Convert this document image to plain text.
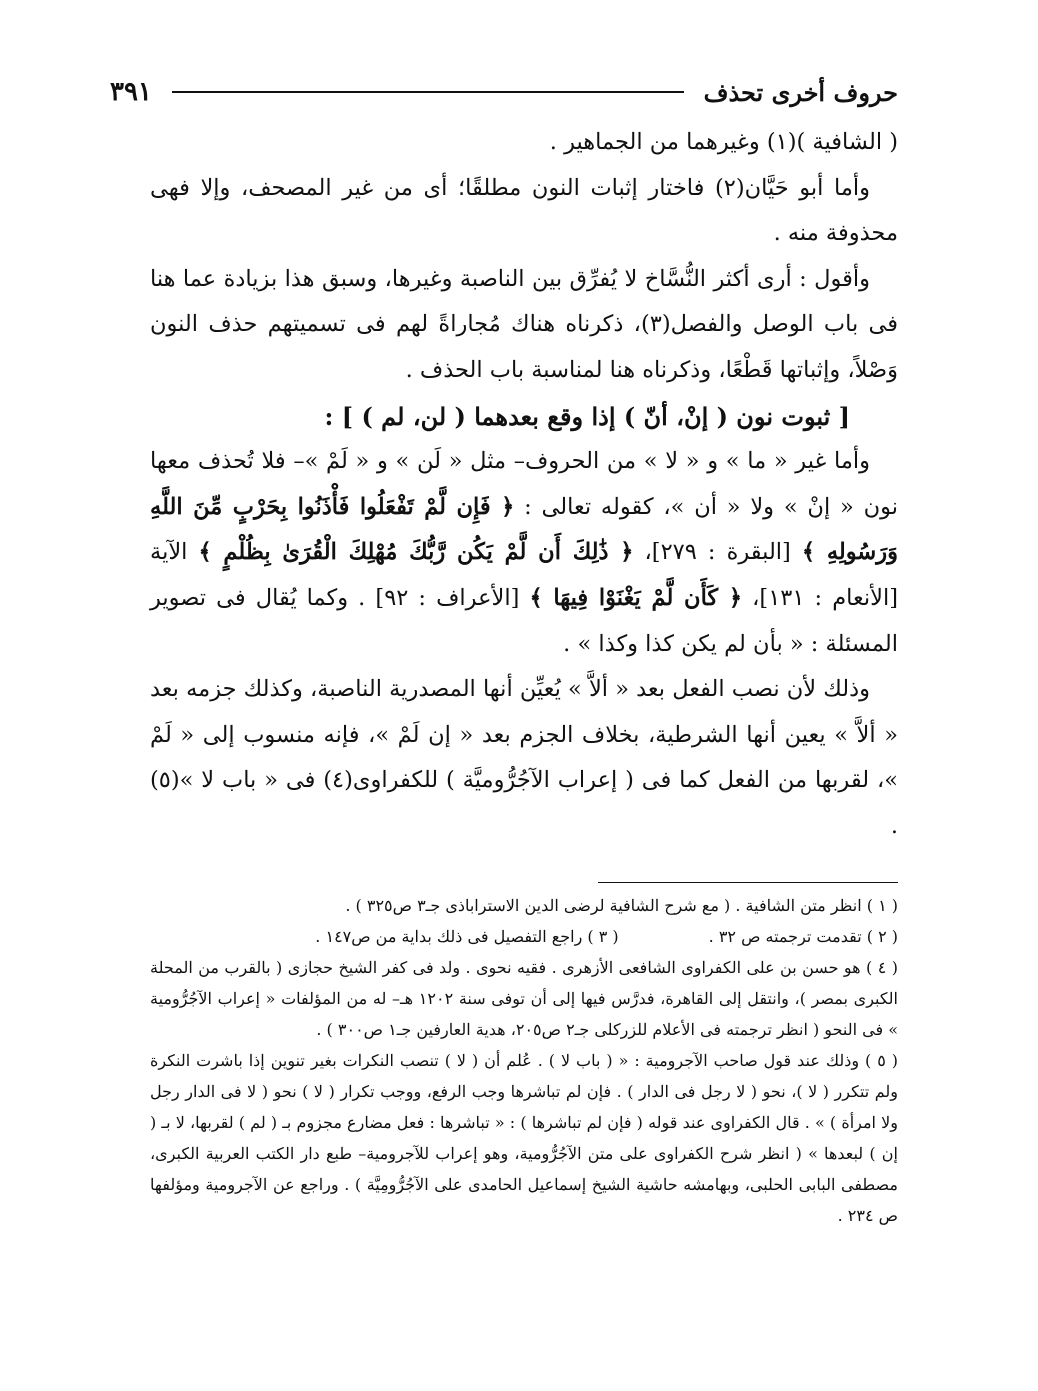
حروف أخرى تحذف
٣٩١

( الشافية )(١) وغيرهما من الجماهير .

وأما أبو حَيَّان(٢) فاختار إثبات النون مطلقًا؛ أى من غير المصحف، وإلا فهى محذوفة منه .

وأقول : أرى أكثر النُّسَّاخ لا يُفرِّق بين الناصبة وغيرها، وسبق هذا بزيادة عما هنا فى باب الوصل والفصل(٣)، ذكرناه هناك مُجاراةً لهم فى تسميتهم حذف النون وَصْلاً، وإثباتها قَطْعًا، وذكرناه هنا لمناسبة باب الحذف .

[ ثبوت نون ( إنْ، أنّ ) إذا وقع بعدهما ( لن، لم ) ] :

وأما غير « ما » و « لا » من الحروف– مثل « لَن » و « لَمْ »– فلا تُحذف معها نون « إنْ » ولا « أن »، كقوله تعالى : ﴿ فَإِن لَّمْ تَفْعَلُوا فَأْذَنُوا بِحَرْبٍ مِّنَ اللَّهِ وَرَسُولِهِ ﴾ [البقرة : ٢٧٩]، ﴿ ذَٰلِكَ أَن لَّمْ يَكُن رَّبُّكَ مُهْلِكَ الْقُرَىٰ بِظُلْمٍ ﴾ الآية [الأنعام : ١٣١]، ﴿ كَأَن لَّمْ يَغْنَوْا فِيهَا ﴾ [الأعراف : ٩٢] . وكما يُقال فى تصوير المسئلة : « بأن لم يكن كذا وكذا » .

وذلك لأن نصب الفعل بعد « ألاَّ » يُعيِّن أنها المصدرية الناصبة، وكذلك جزمه بعد « ألاَّ » يعين أنها الشرطية، بخلاف الجزم بعد « إن لَمْ »، فإنه منسوب إلى « لَمْ »، لقربها من الفعل كما فى ( إعراب الآجُرُّوميَّة ) للكفراوى(٤) فى « باب لا »(٥) .

( ١ ) انظر متن الشافية . ( مع شرح الشافية لرضى الدين الاستراباذى جـ٣ ص٣٢٥ ) .

( ٢ ) تقدمت ترجمته ص ٣٢ .
( ٣ ) راجع التفصيل فى ذلك بداية من ص١٤٧ .

( ٤ ) هو حسن بن على الكفراوى الشافعى الأزهرى . فقيه نحوى . ولد فى كفر الشيخ حجازى ( بالقرب من المحلة الكبرى بمصر )، وانتقل إلى القاهرة، فدرَّس فيها إلى أن توفى سنة ١٢٠٢ هـ– له من المؤلفات « إعراب الآجُرُّومية » فى النحو ( انظر ترجمته فى الأعلام للزركلى جـ٢ ص٢٠٥، هدية العارفين جـ١ ص٣٠٠ ) .

( ٥ ) وذلك عند قول صاحب الآجرومية : « ( باب لا ) . عُلم أن ( لا ) تنصب النكرات بغير تنوين إذا باشرت النكرة ولم تتكرر ( لا )، نحو ( لا رجل فى الدار ) . فإن لم تباشرها وجب الرفع، ووجب تكرار ( لا ) نحو ( لا فى الدار رجل ولا امرأة ) » . قال الكفراوى عند قوله ( فإن لم تباشرها ) : « تباشرها : فعل مضارع مجزوم بـ ( لم ) لقربها، لا بـ ( إن ) لبعدها » ( انظر شرح الكفراوى على متن الآجُرُّومية، وهو إعراب للآجرومية– طبع دار الكتب العربية الكبرى، مصطفى البابى الحلبى، وبهامشه حاشية الشيخ إسماعيل الحامدى على الآجُرُّومِيَّة ) . وراجع عن الآجرومية ومؤلفها ص ٢٣٤ .
